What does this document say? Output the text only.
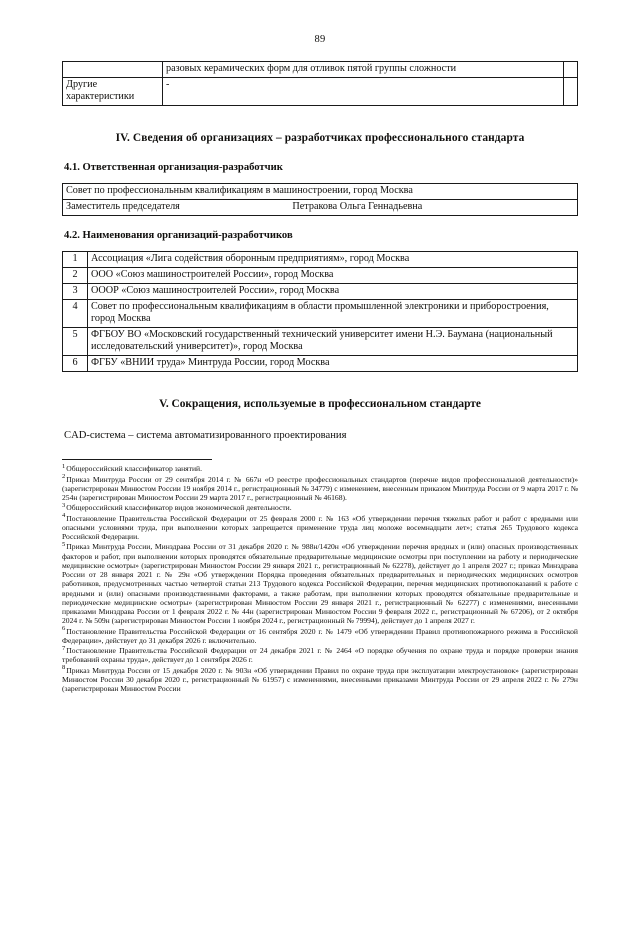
89
	разовых керамических форм для отливок пятой группы сложности	
Другие характеристики	-	
IV. Сведения об организациях – разработчиках профессионального стандарта
4.1. Ответственная организация-разработчик
Совет по профессиональным квалификациям в машиностроении, город Москва
Заместитель председателя	Петракова Ольга Геннадьевна
4.2. Наименования организаций-разработчиков
1	Ассоциация «Лига содействия оборонным предприятиям», город Москва
2	ООО «Союз машиностроителей России», город Москва
3	ОООР «Союз машиностроителей России», город Москва
4	Совет по профессиональным квалификациям в области промышленной электроники и приборостроения, город Москва
5	ФГБОУ ВО «Московский государственный технический университет имени Н.Э. Баумана (национальный исследовательский университет)», город Москва
6	ФГБУ «ВНИИ труда» Минтруда России, город Москва
V. Сокращения, используемые в профессиональном стандарте
CAD-система – система автоматизированного проектирования

$^1$Общероссийский классификатор занятий.

$^2$Приказ Минтруда России от 29 сентября 2014 г. № 667н «О реестре профессиональных стандартов (перечне видов профессиональной деятельности)» (зарегистрирован Минюстом России 19 ноября 2014 г., регистрационный № 34779) с изменением, внесенным приказом Минтруда России от 9 марта 2017 г. № 254н (зарегистрирован Минюстом России 29 марта 2017 г., регистрационный № 46168).

$^3$Общероссийский классификатор видов экономической деятельности.

$^4$Постановление Правительства Российской Федерации от 25 февраля 2000 г. № 163 «Об утверждении перечня тяжелых работ и работ с вредными или опасными условиями труда, при выполнении которых запрещается применение труда лиц моложе восемнадцати лет»; статья 265 Трудового кодекса Российской Федерации.

$^5$Приказ Минтруда России, Минздрава России от 31 декабря 2020 г. № 988н/1420н «Об утверждении перечня вредных и (или) опасных производственных факторов и работ, при выполнении которых проводятся обязательные предварительные медицинские осмотры при поступлении на работу и периодические медицинские осмотры» (зарегистрирован Минюстом России 29 января 2021 г., регистрационный № 62278), действует до 1 апреля 2027 г.; приказ Минздрава России от 28 января 2021 г. № 29н «Об утверждении Порядка проведения обязательных предварительных и периодических медицинских осмотров работников, предусмотренных частью четвертой статьи 213 Трудового кодекса Российской Федерации, перечня медицинских противопоказаний к работе с вредными и (или) опасными производственными факторами, а также работам, при выполнении которых проводятся обязательные предварительные и периодические медицинские осмотры» (зарегистрирован Минюстом России 29 января 2021 г., регистрационный № 62277) с изменениями, внесенными приказами Минздрава России от 1 февраля 2022 г. № 44н (зарегистрирован Минюстом России 9 февраля 2022 г., регистрационный № 67206), от 2 октября 2024 г. № 509н (зарегистрирован Минюстом России 1 ноября 2024 г., регистрационный № 79994), действует до 1 апреля 2027 г.

$^6$Постановление Правительства Российской Федерации от 16 сентября 2020 г. № 1479 «Об утверждении Правил противопожарного режима в Российской Федерации», действует до 31 декабря 2026 г. включительно.

$^7$Постановление Правительства Российской Федерации от 24 декабря 2021 г. № 2464 «О порядке обучения по охране труда и порядке проверки знания требований охраны труда», действует до 1 сентября 2026 г.

$^8$Приказ Минтруда России от 15 декабря 2020 г. № 903н «Об утверждении Правил по охране труда при эксплуатации электроустановок» (зарегистрирован Минюстом России 30 декабря 2020 г., регистрационный № 61957) с изменениями, внесенными приказами Минтруда России от 29 апреля 2022 г. № 279н (зарегистрирован Минюстом России
